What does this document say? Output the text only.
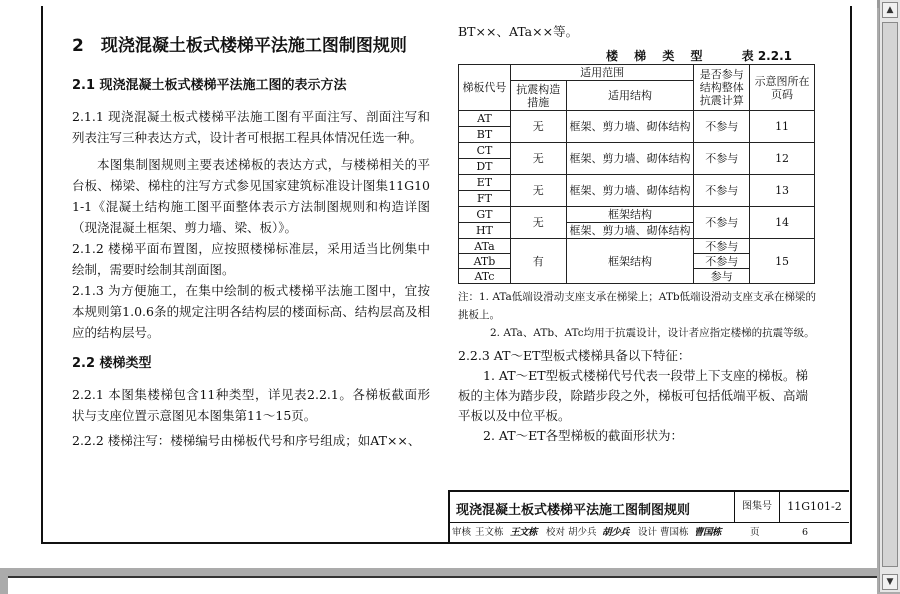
2　现浇混凝土板式楼梯平法施工图制图规则
2.1 现浇混凝土板式楼梯平法施工图的表示方法

2.1.1 现浇混凝土板式楼梯平法施工图有平面注写、剖面注写和列表注写三种表达方式，设计者可根据工程具体情况任选一种。

本图集制图规则主要表述梯板的表达方式，与楼梯相关的平台板、梯梁、梯柱的注写方式参见国家建筑标准设计图集11G101-1《混凝土结构施工图平面整体表示方法制图规则和构造详图（现浇混凝土框架、剪力墙、梁、板）》。

2.1.2 楼梯平面布置图，应按照楼梯标准层，采用适当比例集中绘制，需要时绘制其剖面图。

2.1.3 为方便施工，在集中绘制的板式楼梯平法施工图中，宜按本规则第1.0.6条的规定注明各结构层的楼面标高、结构层高及相应的结构层号。

2.2 楼梯类型

2.2.1 本图集楼梯包含11种类型，详见表2.2.1。各梯板截面形状与支座位置示意图见本图集第11～15页。

2.2.2 楼梯注写：楼梯编号由梯板代号和序号组成；如AT××、

BT××、ATa××等。
楼 梯 类 型	表 2.2.1
梯板代号	适用范围		是否参与结构整体抗震计算	示意图所在页码
	抗震构造措施	适用结构		
AT	无	框架、剪力墙、砌体结构	不参与	11
BT				
CT	无	框架、剪力墙、砌体结构	不参与	12
DT				
ET	无	框架、剪力墙、砌体结构	不参与	13
FT				
GT	无	框架结构	不参与	14
HT		框架、剪力墙、砌体结构		
ATa	有	框架结构	不参与	15
ATb			不参与	
ATc			参与	

注：1. ATa低端设滑动支座支承在梯梁上；ATb低端设滑动支座支承在梯梁的挑板上。

2. ATa、ATb、ATc均用于抗震设计，设计者应指定楼梯的抗震等级。

2.2.3 AT～ET型板式楼梯具备以下特征：

1. AT～ET型板式楼梯代号代表一段带上下支座的梯板。梯板的主体为踏步段，除踏步段之外，梯板可包括低端平板、高端平板以及中位平板。

2. AT～ET各型梯板的截面形状为：

现浇混凝土板式楼梯平法施工图制图规则	图集号	11G101-2
审核 王文栋 王文栋 校对 胡少兵 胡少兵 设计 曹国栋 曹国栋	页	6
▲
▼
